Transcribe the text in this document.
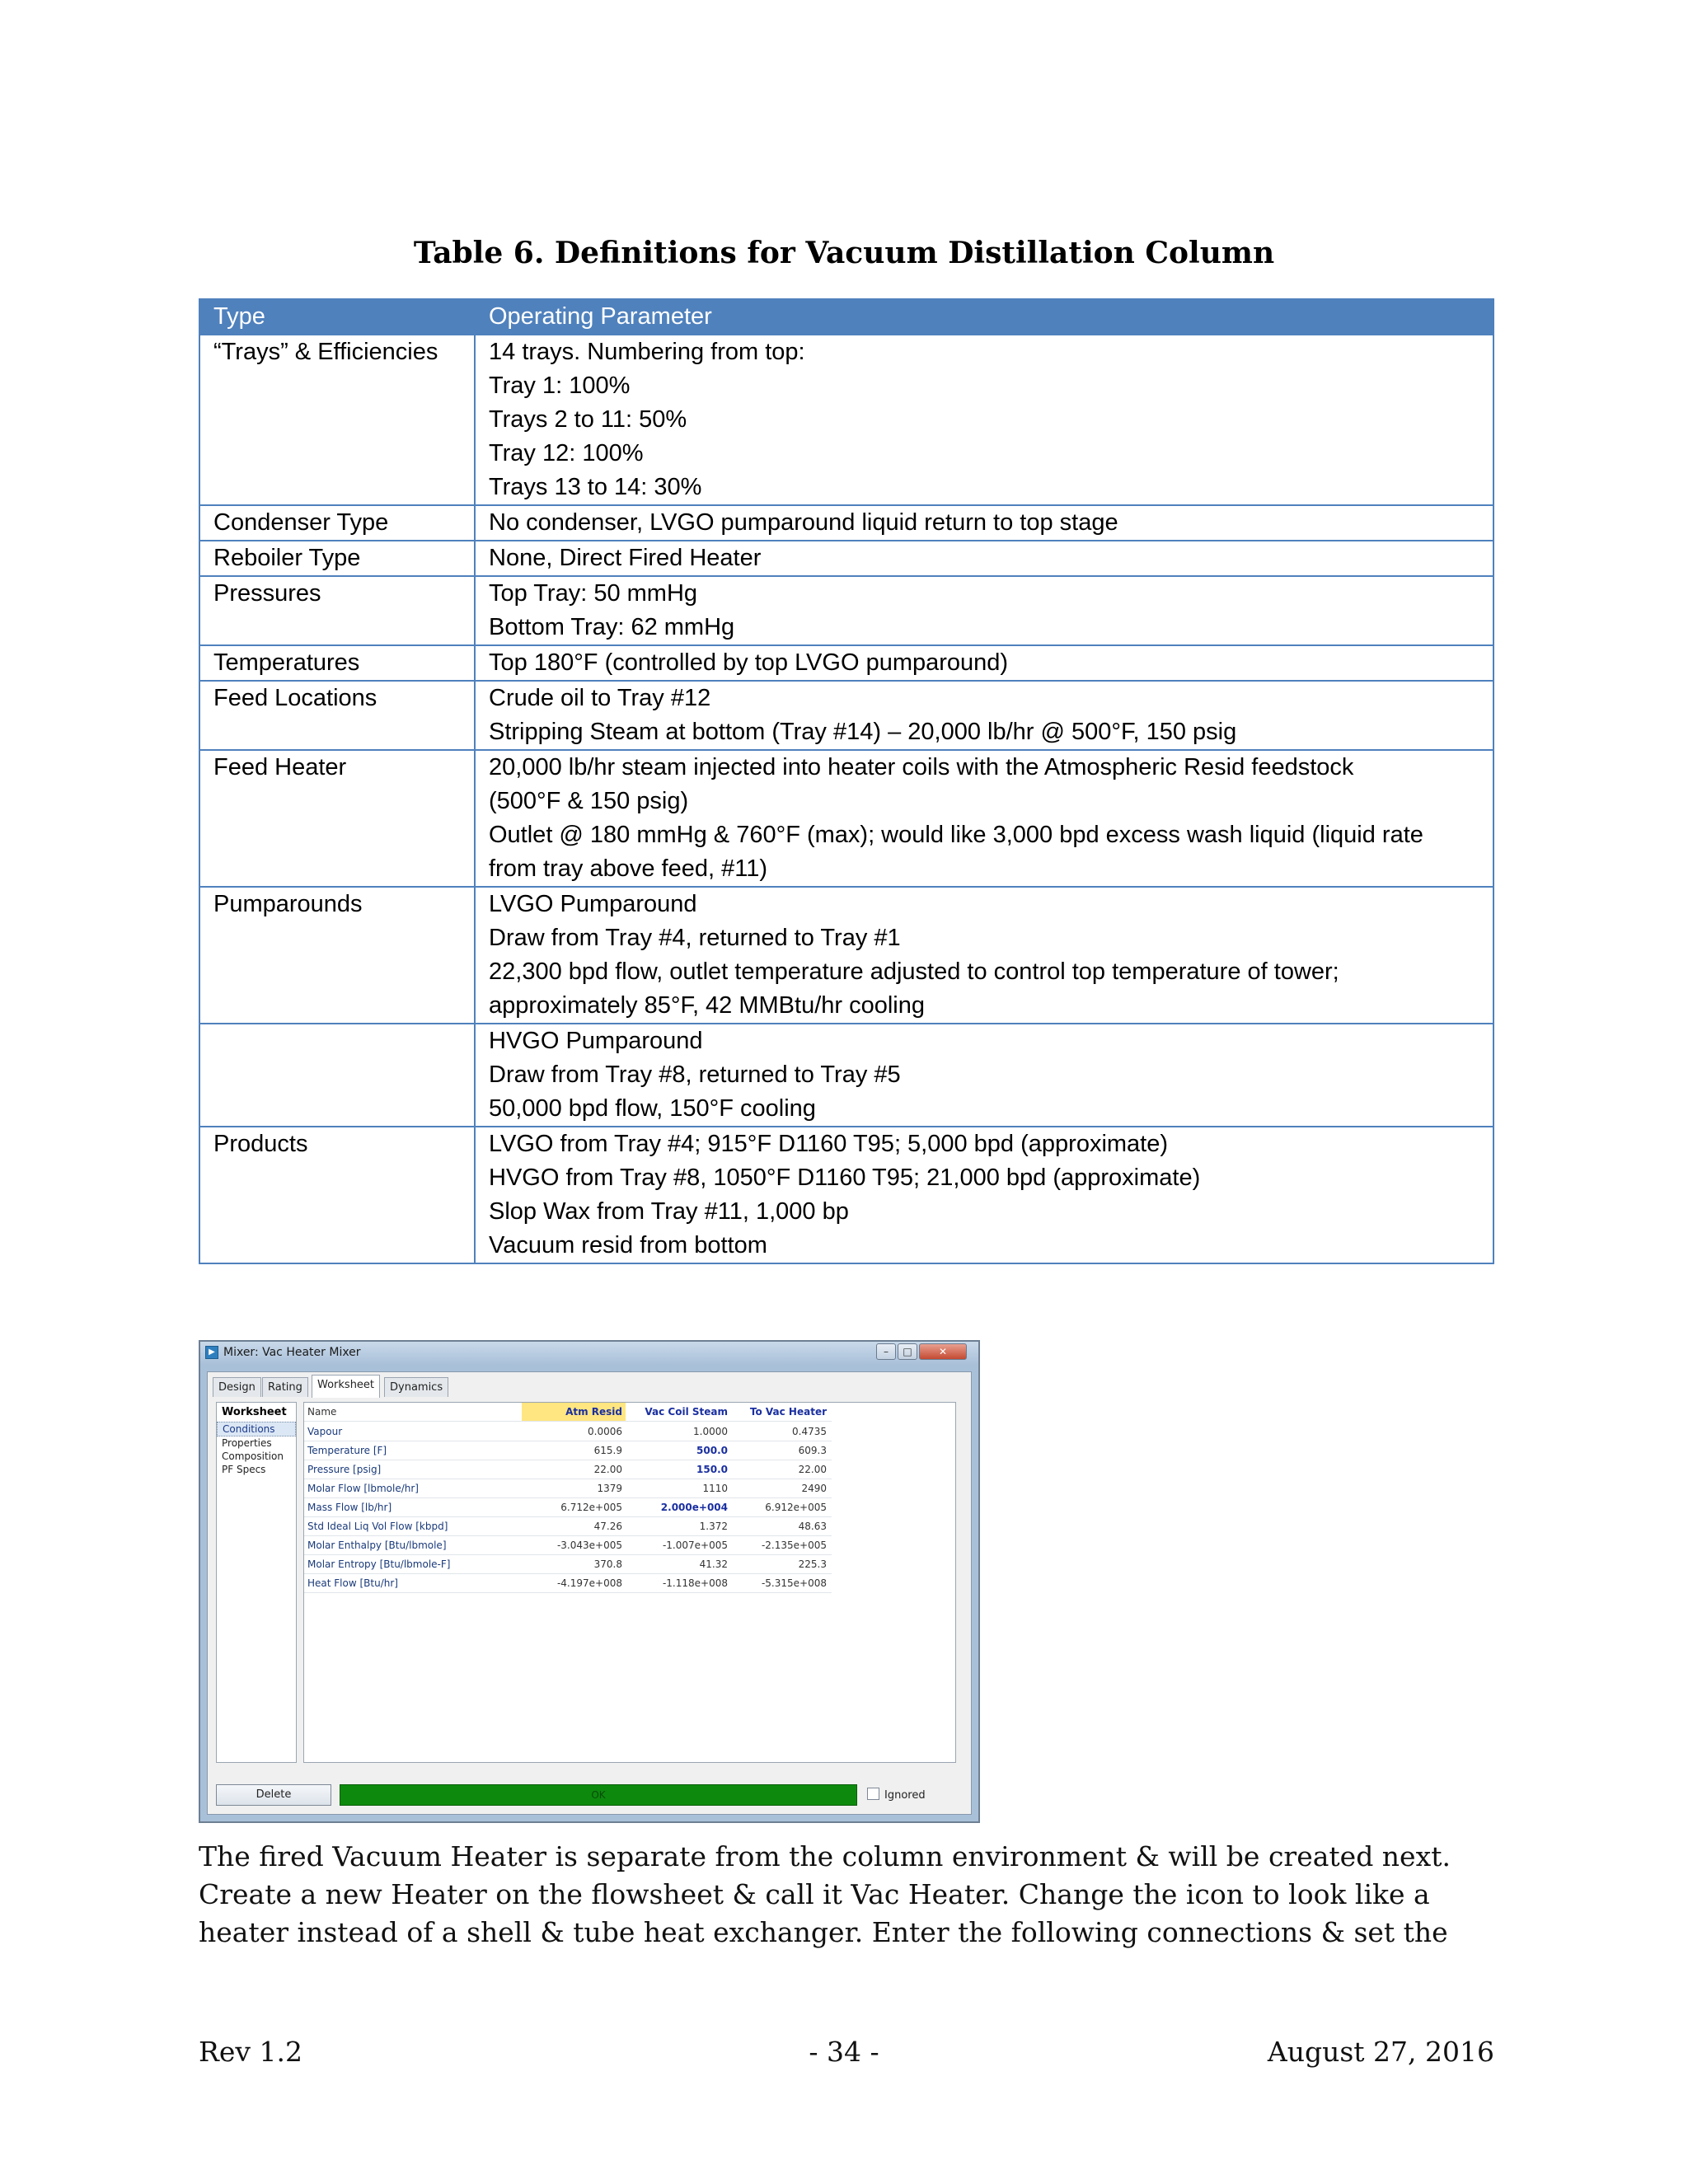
Table 6. Definitions for Vacuum Distillation Column
Type	Operating Parameter
“Trays” & Efficiencies	14 trays. Numbering from top:
Tray 1: 100%
Trays 2 to 11: 50%
Tray 12: 100%
Trays 13 to 14: 30%

Condenser Type	No condenser, LVGO pumparound liquid return to top stage

Reboiler Type	None, Direct Fired Heater

Pressures	Top Tray: 50 mmHg
Bottom Tray: 62 mmHg

Temperatures	Top 180°F (controlled by top LVGO pumparound)

Feed Locations	Crude oil to Tray #12
Stripping Steam at bottom (Tray #14) – 20,000 lb/hr @ 500°F, 150 psig

Feed Heater	20,000 lb/hr steam injected into heater coils with the Atmospheric Resid feedstock
(500°F & 150 psig)
Outlet @ 180 mmHg & 760°F (max); would like 3,000 bpd excess wash liquid (liquid rate
from tray above feed, #11)

Pumparounds	LVGO Pumparound
Draw from Tray #4, returned to Tray #1
22,300 bpd flow, outlet temperature adjusted to control top temperature of tower;
approximately 85°F, 42 MMBtu/hr cooling

	HVGO Pumparound
Draw from Tray #8, returned to Tray #5
50,000 bpd flow, 150°F cooling

Products	LVGO from Tray #4; 915°F D1160 T95; 5,000 bpd (approximate)
HVGO from Tray #8, 1050°F D1160 T95; 21,000 bpd (approximate)
Slop Wax from Tray #11, 1,000 bp
Vacuum resid from bottom
▶ Mixer: Vac Heater Mixer	–	□	✕
Design	Rating	Worksheet	Dynamics
Worksheet
Conditions
Properties
Composition
PF Specs
Name	Atm Resid	Vac Coil Steam	To Vac Heater
Vapour	0.0006	1.0000	0.4735
Temperature [F]	615.9	500.0	609.3
Pressure [psig]	22.00	150.0	22.00
Molar Flow [lbmole/hr]	1379	1110	2490
Mass Flow [lb/hr]	6.712e+005	2.000e+004	6.912e+005
Std Ideal Liq Vol Flow [kbpd]	47.26	1.372	48.63
Molar Enthalpy [Btu/lbmole]	-3.043e+005	-1.007e+005	-2.135e+005
Molar Entropy [Btu/lbmole-F]	370.8	41.32	225.3
Heat Flow [Btu/hr]	-4.197e+008	-1.118e+008	-5.315e+008
Delete	OK	Ignored
The fired Vacuum Heater is separate from the column environment & will be created next.
Create a new Heater on the flowsheet & call it Vac Heater. Change the icon to look like a
heater instead of a shell & tube heat exchanger. Enter the following connections & set the
Rev 1.2	- 34 -	August 27, 2016
